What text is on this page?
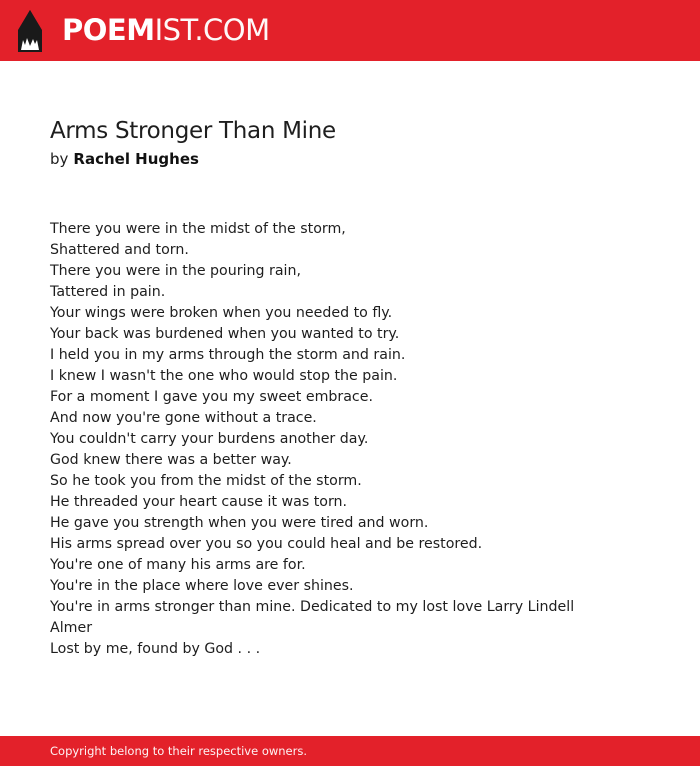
POEMIST.COM
Arms Stronger Than Mine
by Rachel Hughes
There you were in the midst of the storm,
Shattered and torn.
There you were in the pouring rain,
Tattered in pain.
Your wings were broken when you needed to fly.
Your back was burdened when you wanted to try.
I held you in my arms through the storm and rain.
I knew I wasn't the one who would stop the pain.
For a moment I gave you my sweet embrace.
And now you're gone without a trace.
You couldn't carry your burdens another day.
God knew there was a better way.
So he took you from the midst of the storm.
He threaded your heart cause it was torn.
He gave you strength when you were tired and worn.
His arms spread over you so you could heal and be restored.
You're one of many his arms are for.
You're in the place where love ever shines.
You're in arms stronger than mine. Dedicated to my lost love Larry Lindell
Almer
Lost by me, found by God . . .
Copyright belong to their respective owners.
